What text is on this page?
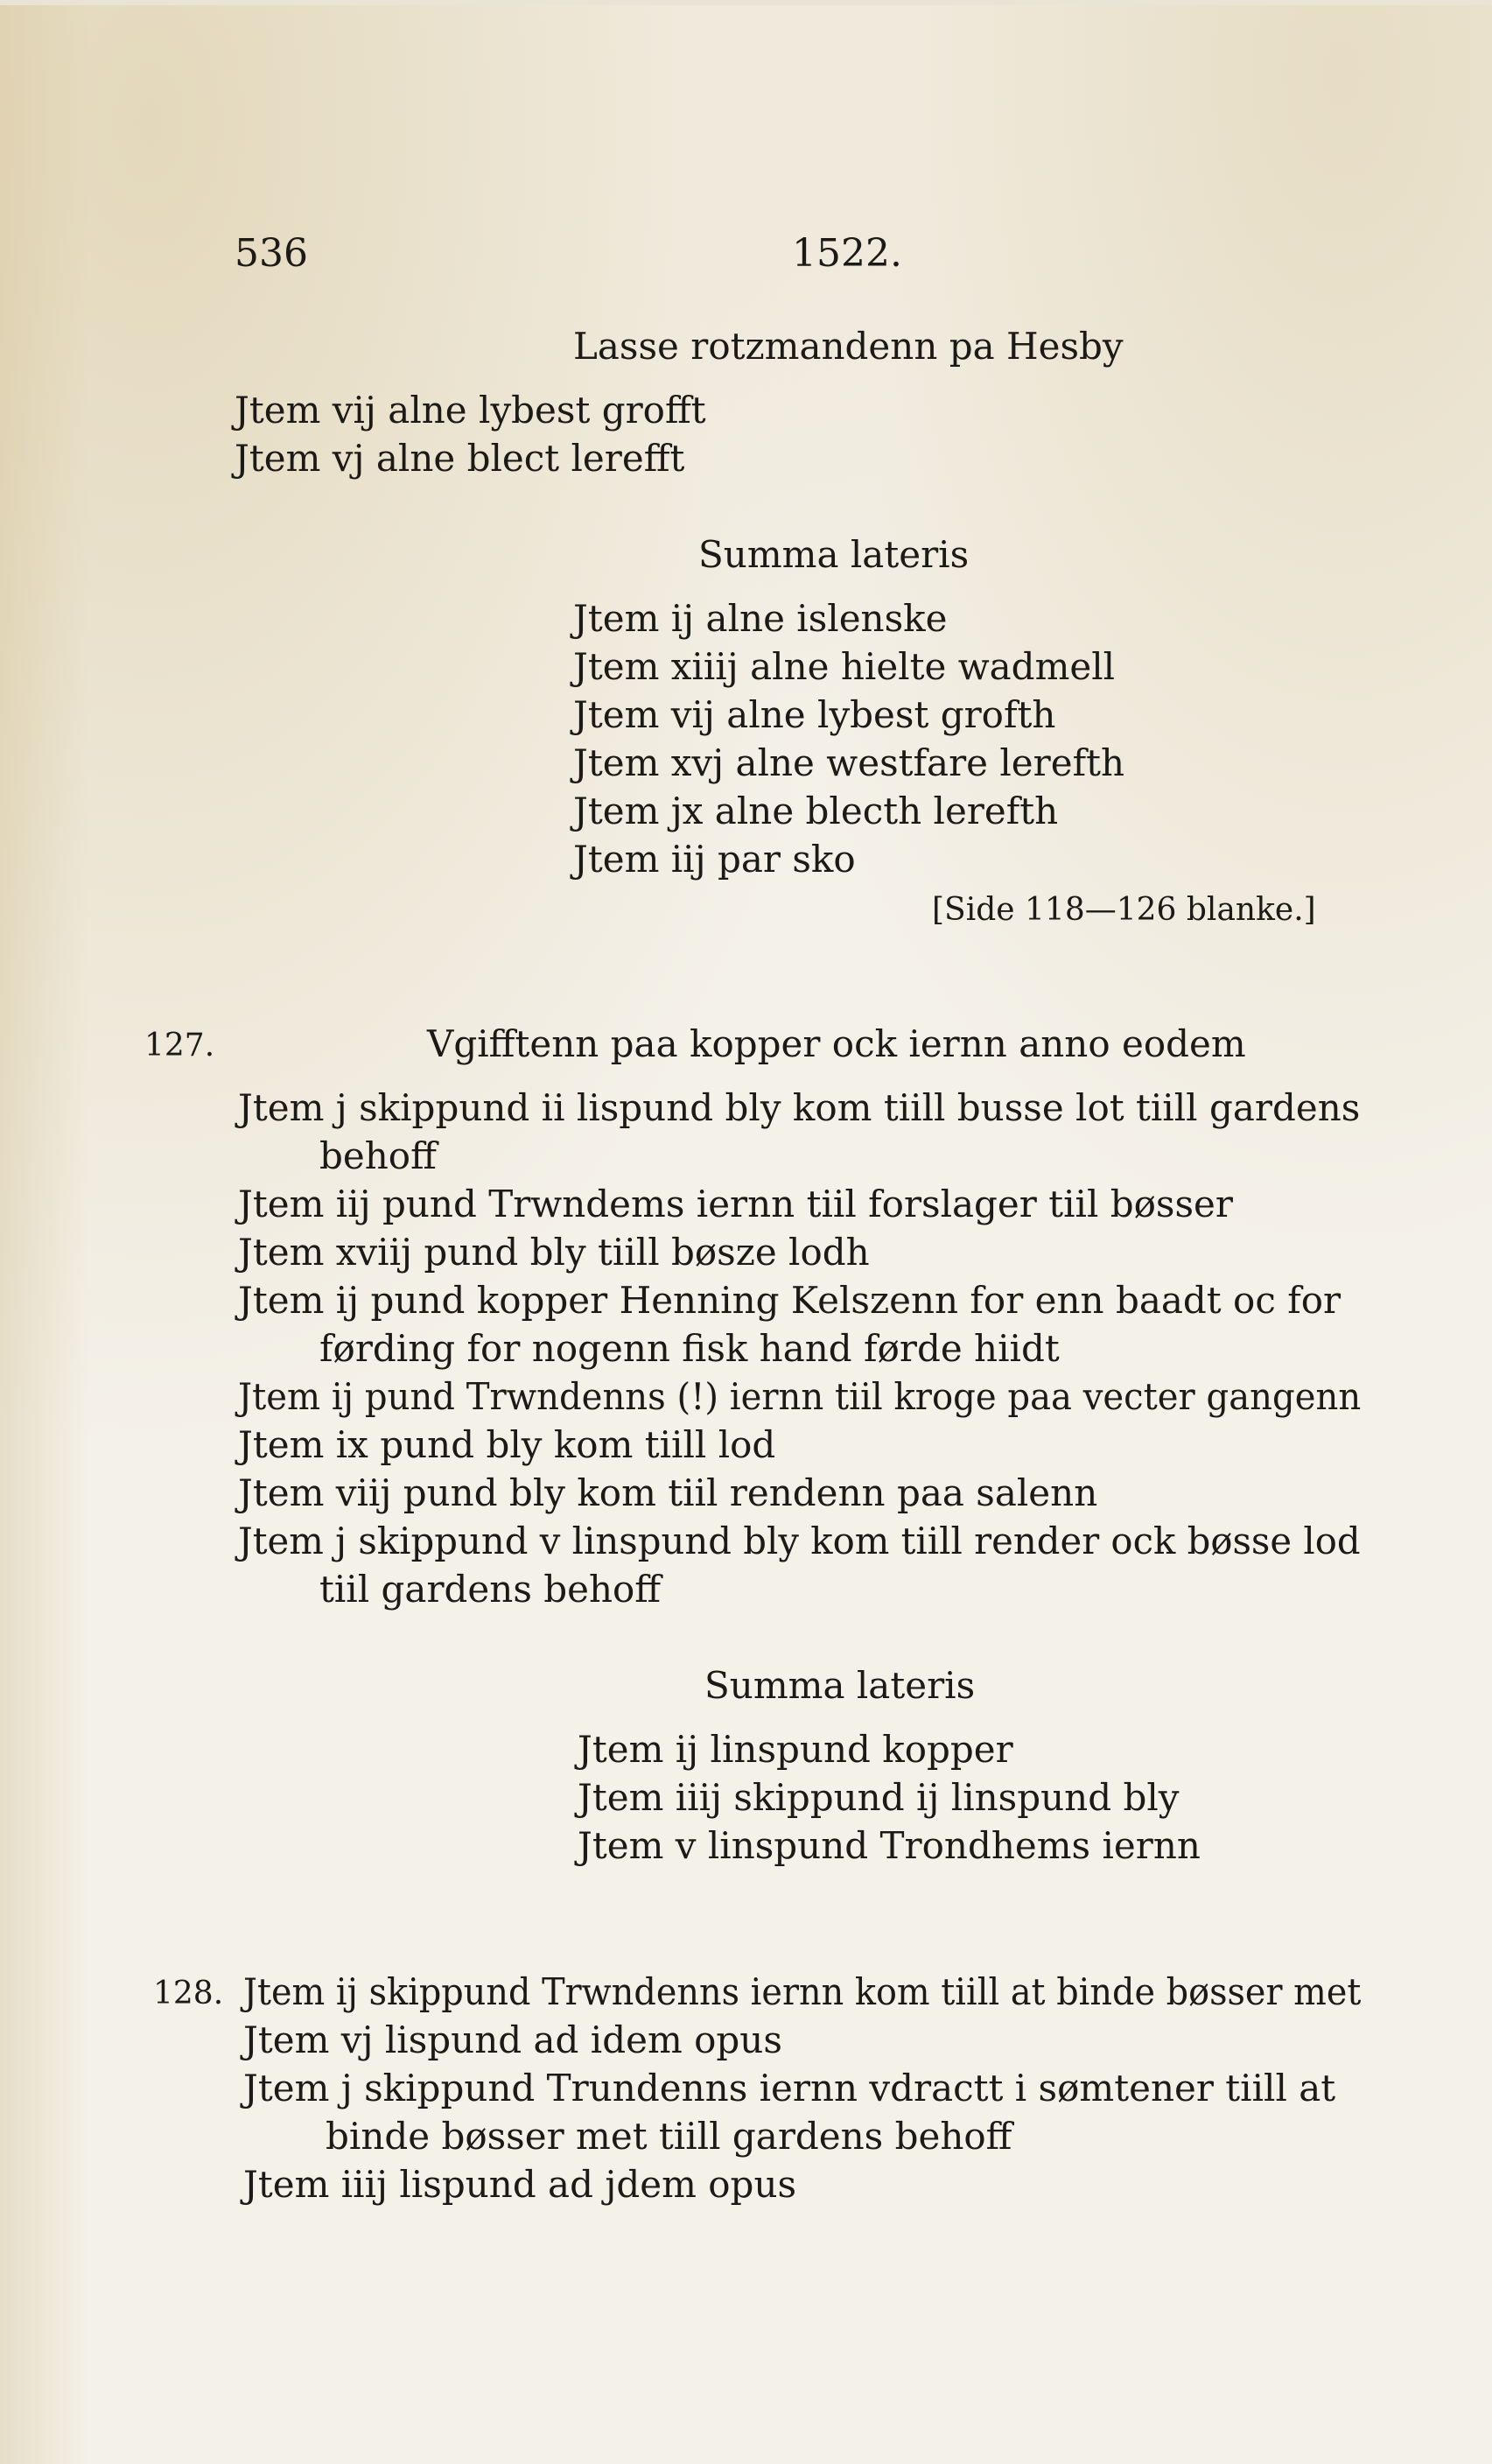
536	1522.
Lasse rotzmandenn pa Hesby
Jtem vij alne lybest grofft
Jtem vj alne blect lerefft
Summa lateris
Jtem ij alne islenske
Jtem xiiij alne hielte wadmell
Jtem vij alne lybest grofth
Jtem xvj alne westfare lerefth
Jtem jx alne blecth lerefth
Jtem iij par sko
[Side 118—126 blanke.]
127.	Vgifftenn paa kopper ock iernn anno eodem
Jtem j skippund ii lispund bly kom tiill busse lot tiill gardens
behoff
Jtem iij pund Trwndems iernn tiil forslager tiil bøsser
Jtem xviij pund bly tiill bøsze lodh
Jtem ij pund kopper Henning Kelszenn for enn baadt oc for
førding for nogenn fisk hand førde hiidt
Jtem ij pund Trwndenns (!) iernn tiil kroge paa vecter gangenn
Jtem ix pund bly kom tiill lod
Jtem viij pund bly kom tiil rendenn paa salenn
Jtem j skippund v linspund bly kom tiill render ock bøsse lod
tiil gardens behoff
Summa lateris
Jtem ij linspund kopper
Jtem iiij skippund ij linspund bly
Jtem v linspund Trondhems iernn
128. Jtem ij skippund Trwndenns iernn kom tiill at binde bøsser met
Jtem vj lispund ad idem opus
Jtem j skippund Trundenns iernn vdractt i sømtener tiill at
binde bøsser met tiill gardens behoff
Jtem iiij lispund ad jdem opus
